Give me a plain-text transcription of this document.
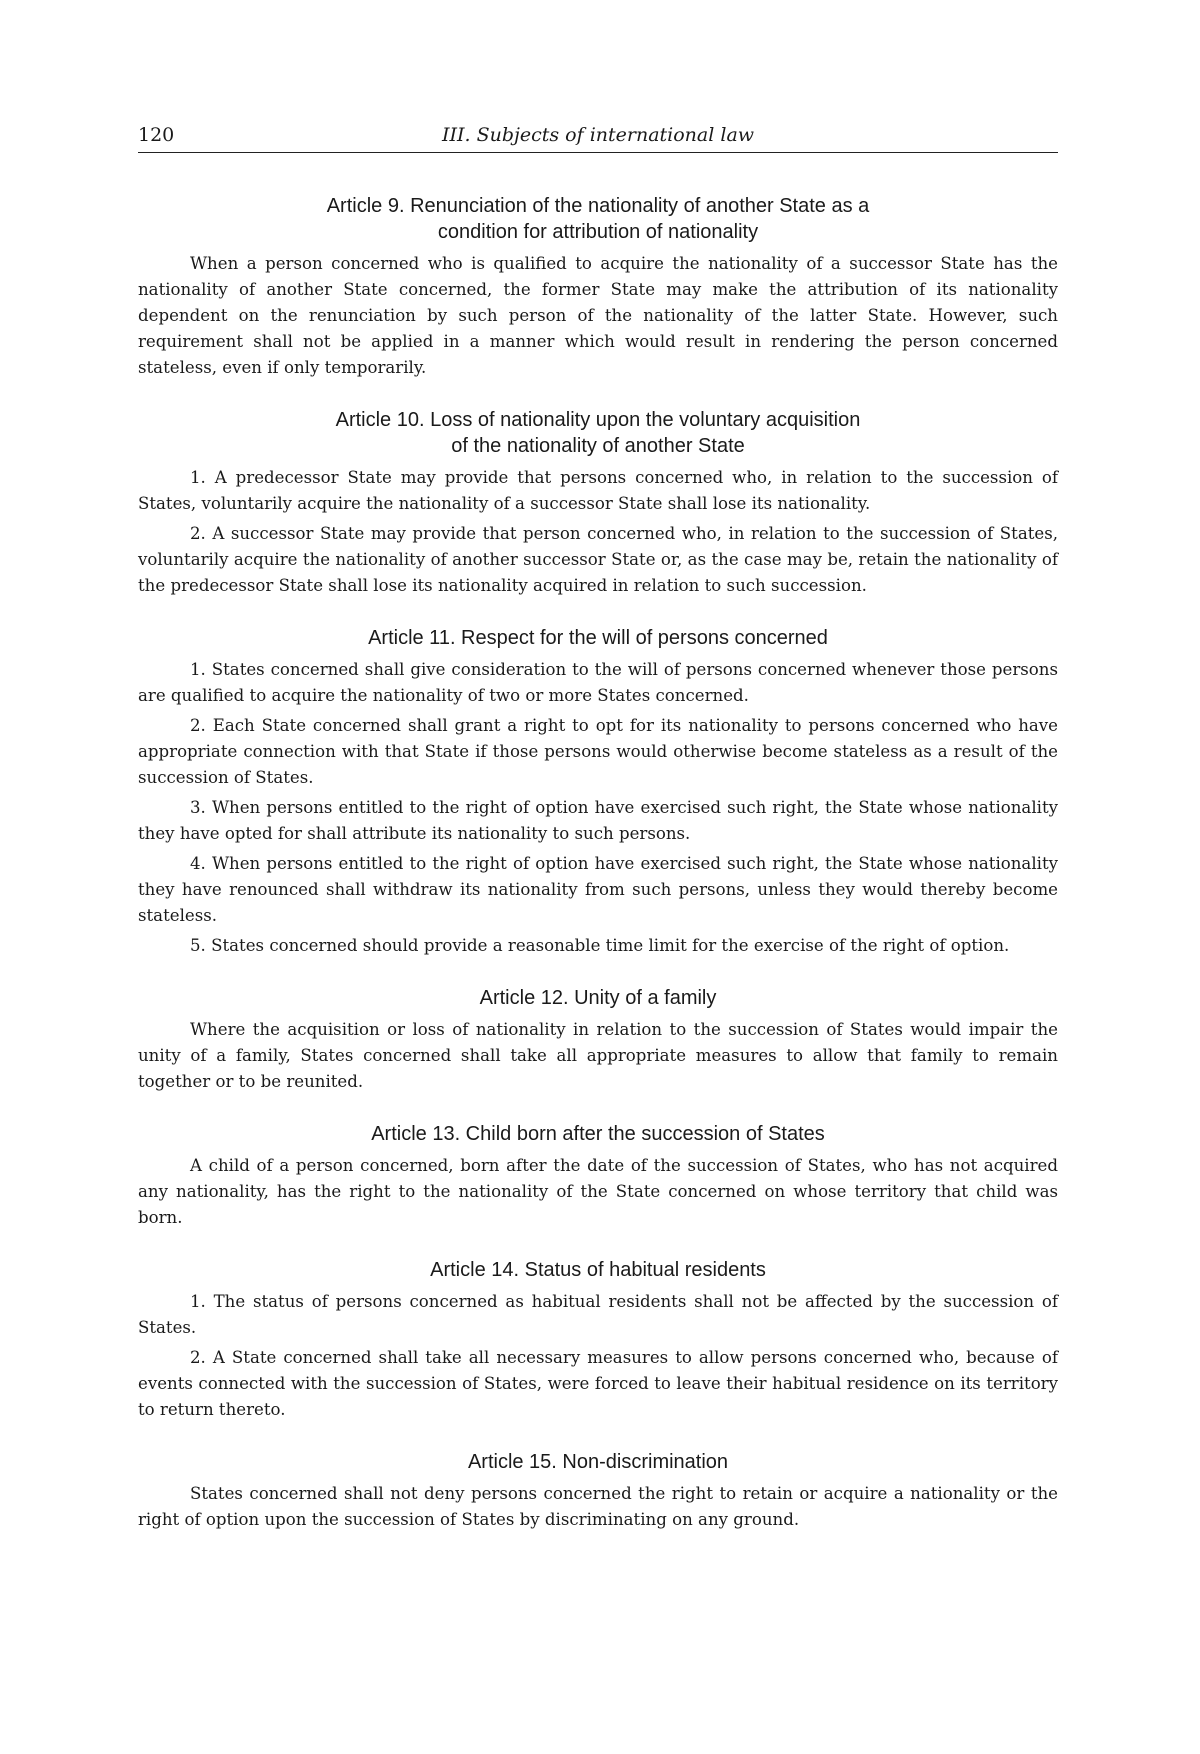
120	III. Subjects of international law
Article 9. Renunciation of the nationality of another State as a
condition for attribution of nationality

When a person concerned who is qualified to acquire the nationality of a successor State has the nationality of another State concerned, the former State may make the attribution of its nationality dependent on the renunciation by such person of the nationality of the latter State. However, such requirement shall not be applied in a manner which would result in rendering the person concerned stateless, even if only temporarily.

Article 10. Loss of nationality upon the voluntary acquisition
of the nationality of another State

1. A predecessor State may provide that persons concerned who, in relation to the succession of States, voluntarily acquire the nationality of a successor State shall lose its nationality.

2. A successor State may provide that person concerned who, in relation to the succession of States, voluntarily acquire the nationality of another successor State or, as the case may be, retain the nationality of the predecessor State shall lose its nationality acquired in relation to such succession.

Article 11. Respect for the will of persons concerned

1. States concerned shall give consideration to the will of persons concerned whenever those persons are qualified to acquire the nationality of two or more States concerned.

2. Each State concerned shall grant a right to opt for its nationality to persons concerned who have appropriate connection with that State if those persons would otherwise become stateless as a result of the succession of States.

3. When persons entitled to the right of option have exercised such right, the State whose nationality they have opted for shall attribute its nationality to such persons.

4. When persons entitled to the right of option have exercised such right, the State whose nationality they have renounced shall withdraw its nationality from such persons, unless they would thereby become stateless.

5. States concerned should provide a reasonable time limit for the exercise of the right of option.

Article 12. Unity of a family

Where the acquisition or loss of nationality in relation to the succession of States would impair the unity of a family, States concerned shall take all appropriate measures to allow that family to remain together or to be reunited.

Article 13. Child born after the succession of States

A child of a person concerned, born after the date of the succession of States, who has not acquired any nationality, has the right to the nationality of the State concerned on whose territory that child was born.

Article 14. Status of habitual residents

1. The status of persons concerned as habitual residents shall not be affected by the succession of States.

2. A State concerned shall take all necessary measures to allow persons concerned who, because of events connected with the succession of States, were forced to leave their habitual residence on its territory to return thereto.

Article 15. Non-discrimination

States concerned shall not deny persons concerned the right to retain or acquire a nationality or the right of option upon the succession of States by discriminating on any ground.
